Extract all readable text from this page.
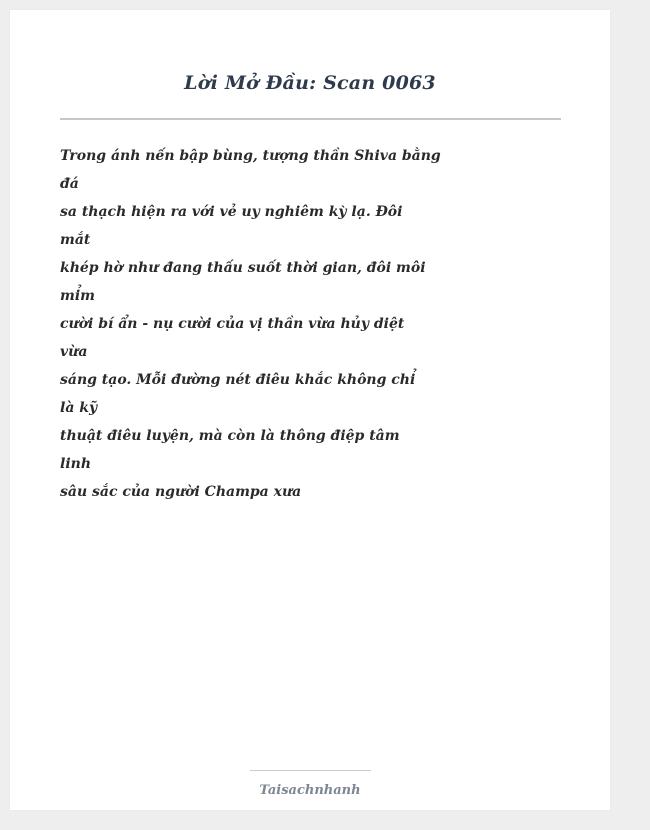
Lời Mở Đầu: Scan 0063
Trong ánh nến bập bùng, tượng thần Shiva bằng
đá
sa thạch hiện ra với vẻ uy nghiêm kỳ lạ. Đôi
mắt
khép hờ như đang thấu suốt thời gian, đôi môi
mỉm
cười bí ẩn - nụ cười của vị thần vừa hủy diệt
vừa
sáng tạo. Mỗi đường nét điêu khắc không chỉ
là kỹ
thuật điêu luyện, mà còn là thông điệp tâm
linh
sâu sắc của người Champa xưa
Taisachnhanh
